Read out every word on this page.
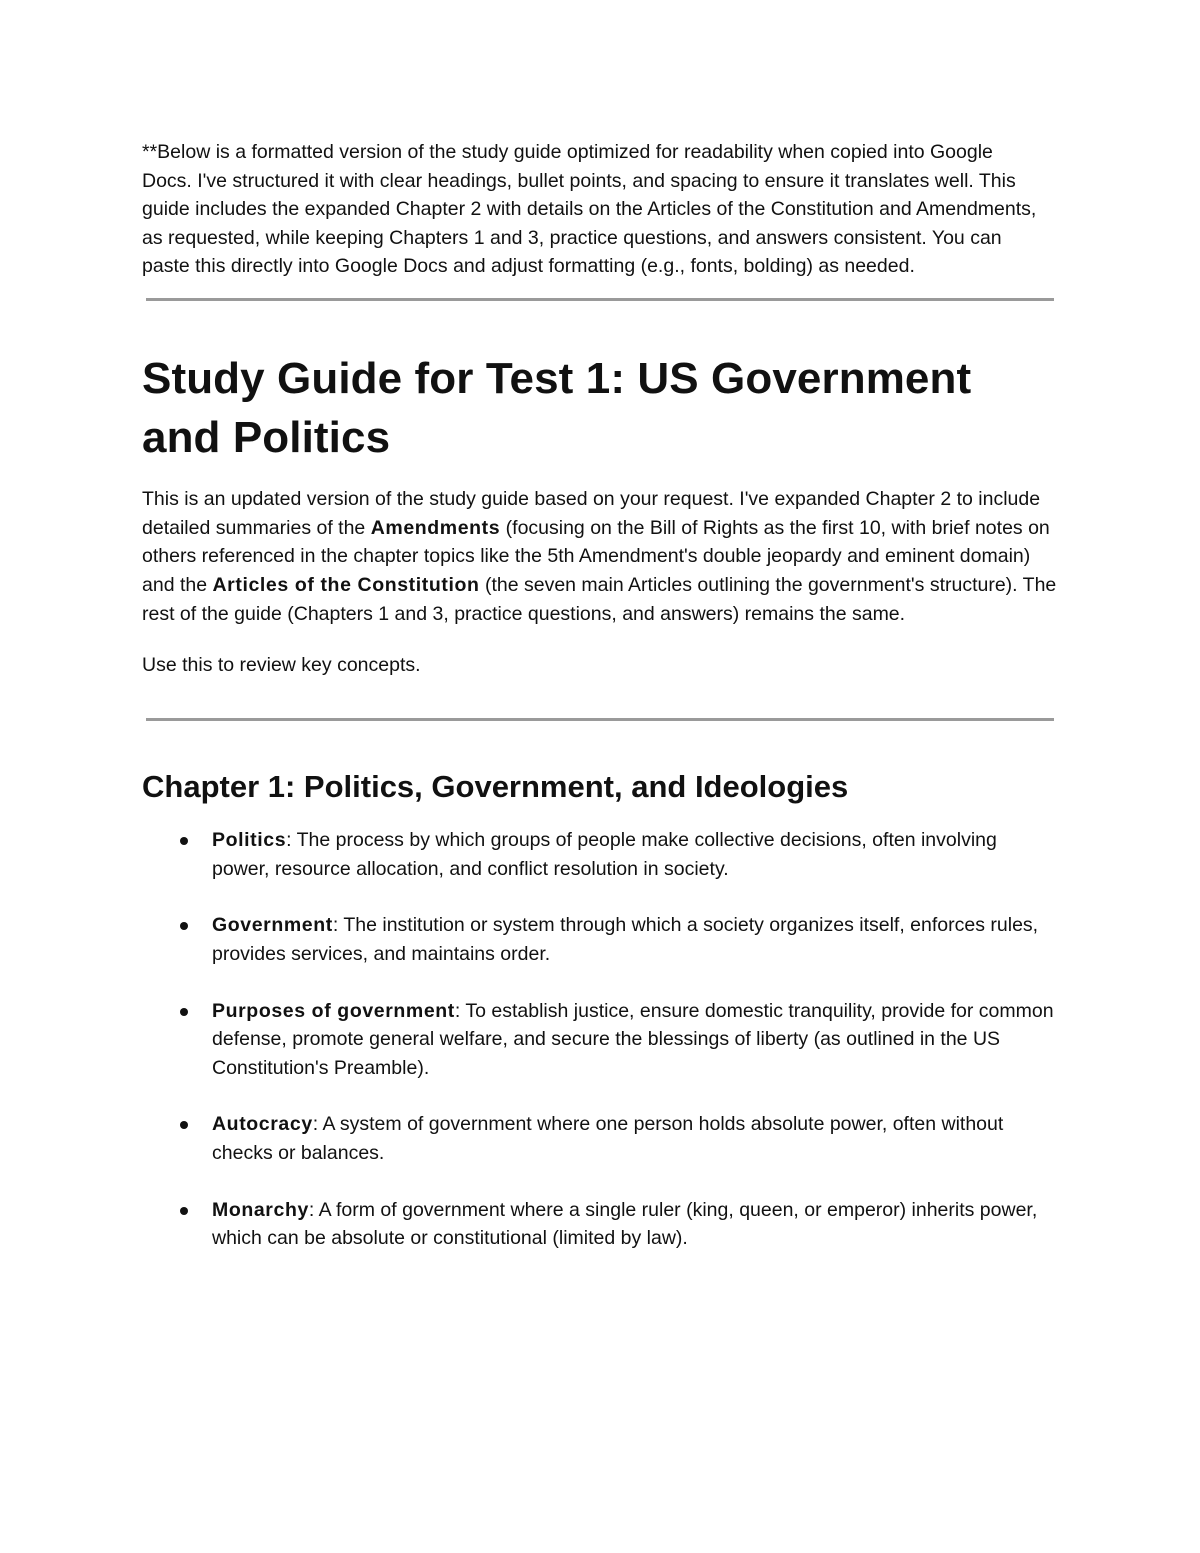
**Below is a formatted version of the study guide optimized for readability when copied into Google Docs. I've structured it with clear headings, bullet points, and spacing to ensure it translates well. This guide includes the expanded Chapter 2 with details on the Articles of the Constitution and Amendments, as requested, while keeping Chapters 1 and 3, practice questions, and answers consistent. You can paste this directly into Google Docs and adjust formatting (e.g., fonts, bolding) as needed.

Study Guide for Test 1: US Government and Politics

This is an updated version of the study guide based on your request. I've expanded Chapter 2 to include detailed summaries of the Amendments (focusing on the Bill of Rights as the first 10, with brief notes on others referenced in the chapter topics like the 5th Amendment's double jeopardy and eminent domain) and the Articles of the Constitution (the seven main Articles outlining the government's structure). The rest of the guide (Chapters 1 and 3, practice questions, and answers) remains the same.

Use this to review key concepts.

Chapter 1: Politics, Government, and Ideologies
Politics: The process by which groups of people make collective decisions, often involving power, resource allocation, and conflict resolution in society.
Government: The institution or system through which a society organizes itself, enforces rules, provides services, and maintains order.
Purposes of government: To establish justice, ensure domestic tranquility, provide for common defense, promote general welfare, and secure the blessings of liberty (as outlined in the US Constitution's Preamble).
Autocracy: A system of government where one person holds absolute power, often without checks or balances.
Monarchy: A form of government where a single ruler (king, queen, or emperor) inherits power, which can be absolute or constitutional (limited by law).
